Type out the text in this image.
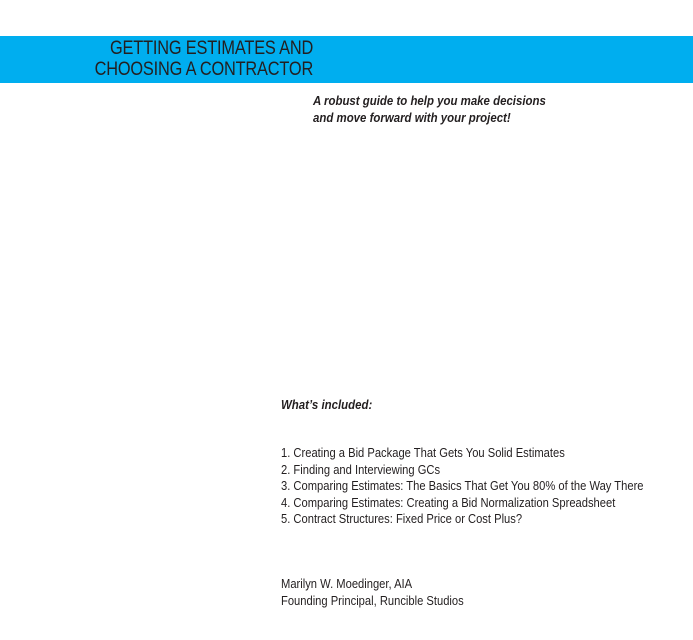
GETTING ESTIMATES AND
CHOOSING A CONTRACTOR

A robust guide to help you make decisions
and move forward with your project!

What’s included:

1. Creating a Bid Package That Gets You Solid Estimates
2. Finding and Interviewing GCs
3. Comparing Estimates: The Basics That Get You 80% of the Way There
4. Comparing Estimates: Creating a Bid Normalization Spreadsheet
5. Contract Structures: Fixed Price or Cost Plus?

Marilyn W. Moedinger, AIA
Founding Principal, Runcible Studios
